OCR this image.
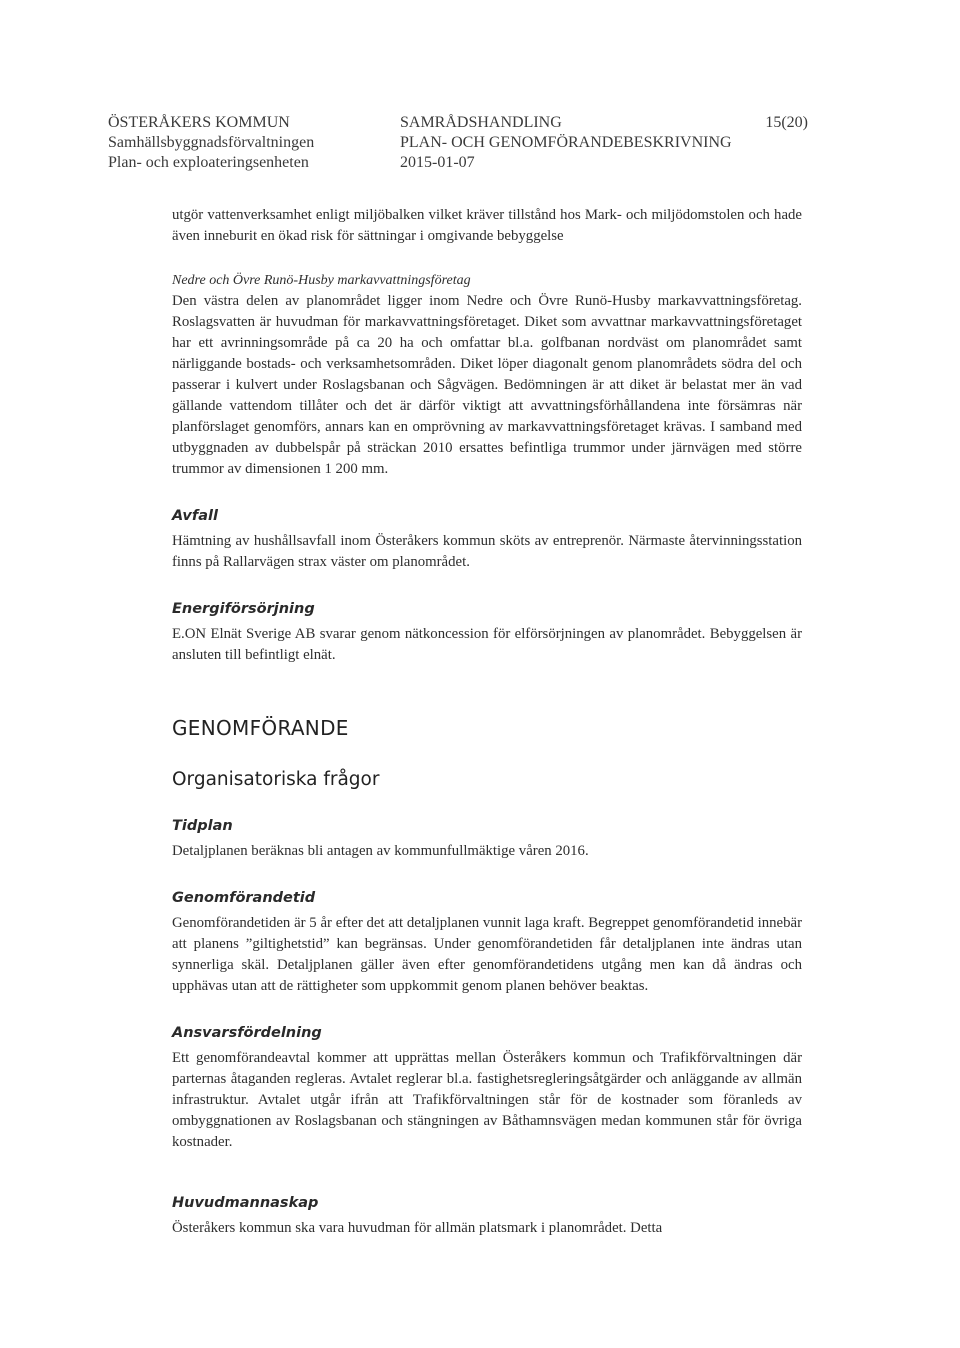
ÖSTERÅKERS KOMMUN
Samhällsbyggnadsförvaltningen
Plan- och exploateringsenheten
SAMRÅDSHANDLING
PLAN- OCH GENOMFÖRANDEBESKRIVNING
2015-01-07
15(20)

utgör vattenverksamhet enligt miljöbalken vilket kräver tillstånd hos Mark- och miljödomstolen och hade även inneburit en ökad risk för sättningar i omgivande bebyggelse

Nedre och Övre Runö-Husby markavvattningsföretag

Den västra delen av planområdet ligger inom Nedre och Övre Runö-Husby markavvattningsföretag. Roslagsvatten är huvudman för markavvattningsföretaget. Diket som avvattnar markavvattningsföretaget har ett avrinningsområde på ca 20 ha och omfattar bl.a. golfbanan nordväst om planområdet samt närliggande bostads- och verksamhetsområden. Diket löper diagonalt genom planområdets södra del och passerar i kulvert under Roslagsbanan och Sågvägen. Bedömningen är att diket är belastat mer än vad gällande vattendom tillåter och det är därför viktigt att avvattningsförhållandena inte försämras när planförslaget genomförs, annars kan en omprövning av markavvattningsföretaget krävas. I samband med utbyggnaden av dubbelspår på sträckan 2010 ersattes befintliga trummor under järnvägen med större trummor av dimensionen 1 200 mm.

Avfall

Hämtning av hushållsavfall inom Österåkers kommun sköts av entreprenör. Närmaste återvinningsstation finns på Rallarvägen strax väster om planområdet.

Energiförsörjning

E.ON Elnät Sverige AB svarar genom nätkoncession för elförsörjningen av planområdet. Bebyggelsen är ansluten till befintligt elnät.

GENOMFÖRANDE
Organisatoriska frågor
Tidplan

Detaljplanen beräknas bli antagen av kommunfullmäktige våren 2016.

Genomförandetid

Genomförandetiden är 5 år efter det att detaljplanen vunnit laga kraft. Begreppet genomförandetid innebär att planens ”giltighetstid” kan begränsas. Under genomförandetiden får detaljplanen inte ändras utan synnerliga skäl. Detaljplanen gäller även efter genomförandetidens utgång men kan då ändras och upphävas utan att de rättigheter som uppkommit genom planen behöver beaktas.

Ansvarsfördelning

Ett genomförandeavtal kommer att upprättas mellan Österåkers kommun och Trafikförvaltningen där parternas åtaganden regleras. Avtalet reglerar bl.a. fastighetsregleringsåtgärder och anläggande av allmän infrastruktur. Avtalet utgår ifrån att Trafikförvaltningen står för de kostnader som föranleds av ombyggnationen av Roslagsbanan och stängningen av Båthamnsvägen medan kommunen står för övriga kostnader.

Huvudmannaskap

Österåkers kommun ska vara huvudman för allmän platsmark i planområdet. Detta
